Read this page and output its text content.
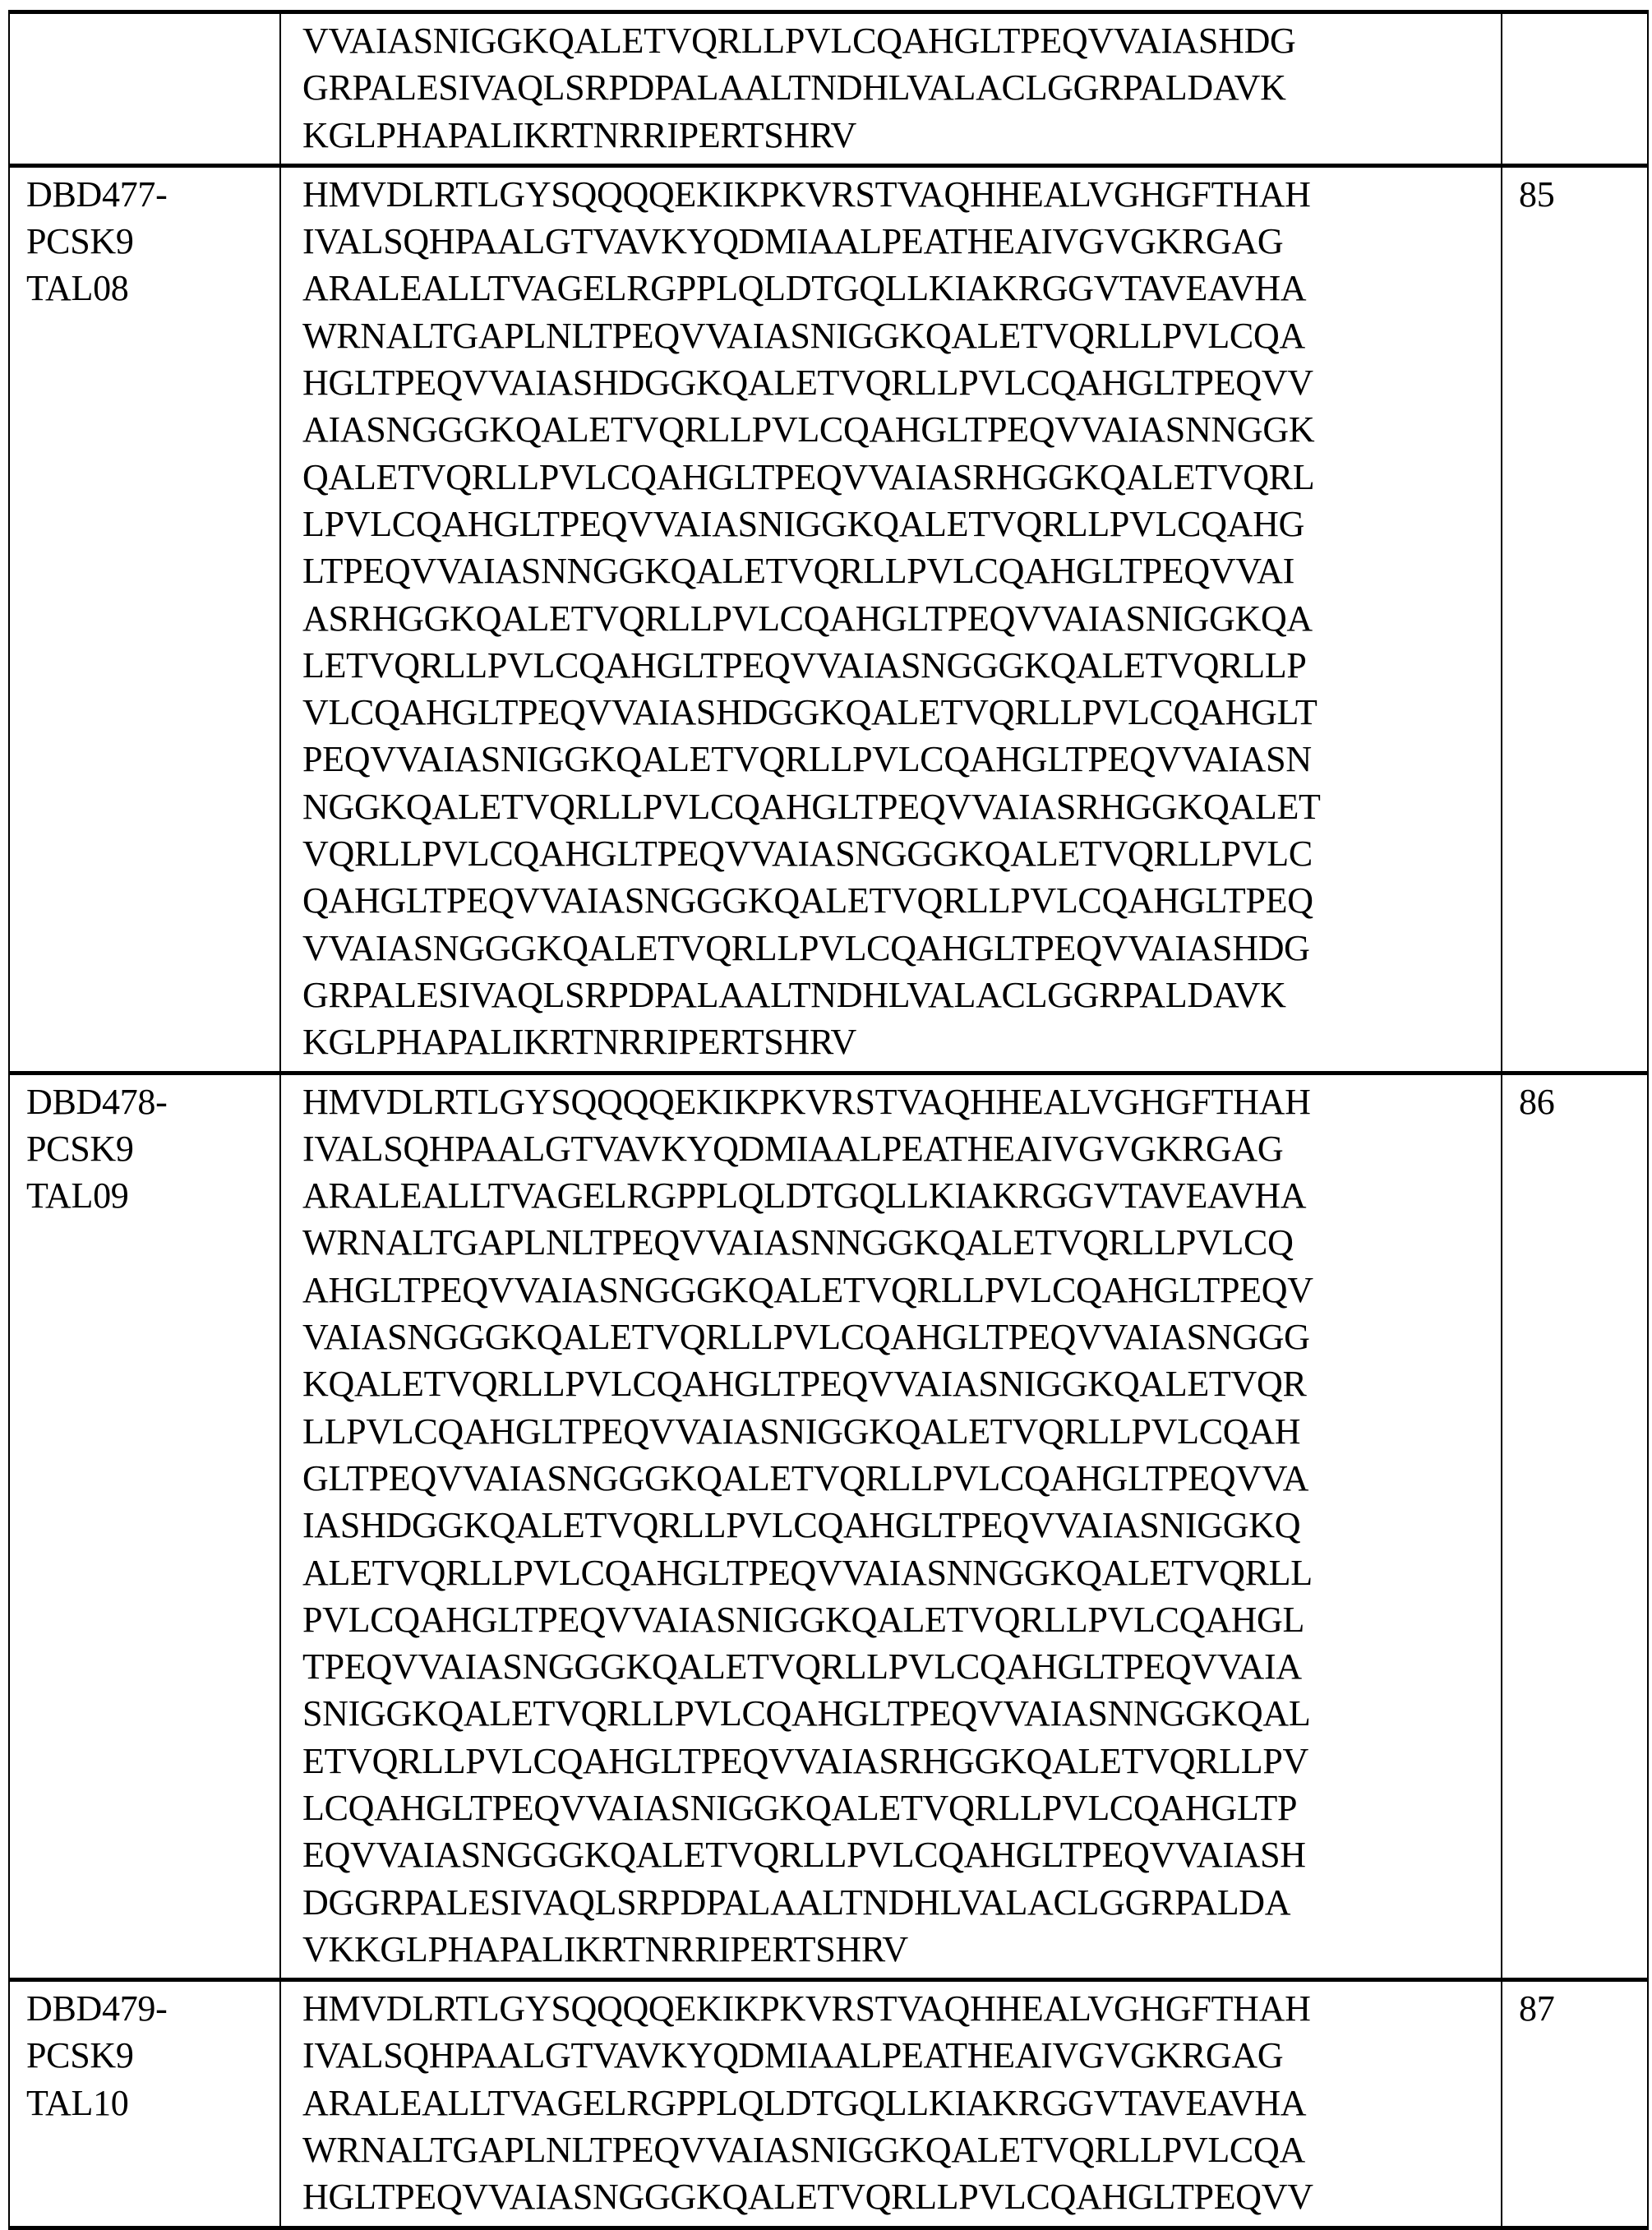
VVAIASNIGGKQALETVQRLLPVLCQAHGLTPEQVVAIASHDG
GRPALESIVAQLSRPDPALAALTNDHLVALACLGGRPALDAVK
KGLPHAPALIKRTNRRIPERTSHRV

DBD477-
PCSK9
TAL08

HMVDLRTLGYSQQQQEKIKPKVRSTVAQHHEALVGHGFTHAH
IVALSQHPAALGTVAVKYQDMIAALPEATHEAIVGVGKRGAG
ARALEALLTVAGELRGPPLQLDTGQLLKIAKRGGVTAVEAVHA
WRNALTGAPLNLTPEQVVAIASNIGGKQALETVQRLLPVLCQA
HGLTPEQVVAIASHDGGKQALETVQRLLPVLCQAHGLTPEQVV
AIASNGGGKQALETVQRLLPVLCQAHGLTPEQVVAIASNNGGK
QALETVQRLLPVLCQAHGLTPEQVVAIASRHGGKQALETVQRL
LPVLCQAHGLTPEQVVAIASNIGGKQALETVQRLLPVLCQAHG
LTPEQVVAIASNNGGKQALETVQRLLPVLCQAHGLTPEQVVAI
ASRHGGKQALETVQRLLPVLCQAHGLTPEQVVAIASNIGGKQA
LETVQRLLPVLCQAHGLTPEQVVAIASNGGGKQALETVQRLLP
VLCQAHGLTPEQVVAIASHDGGKQALETVQRLLPVLCQAHGLT
PEQVVAIASNIGGKQALETVQRLLPVLCQAHGLTPEQVVAIASN
NGGKQALETVQRLLPVLCQAHGLTPEQVVAIASRHGGKQALET
VQRLLPVLCQAHGLTPEQVVAIASNGGGKQALETVQRLLPVLC
QAHGLTPEQVVAIASNGGGKQALETVQRLLPVLCQAHGLTPEQ
VVAIASNGGGKQALETVQRLLPVLCQAHGLTPEQVVAIASHDG
GRPALESIVAQLSRPDPALAALTNDHLVALACLGGRPALDAVK
KGLPHAPALIKRTNRRIPERTSHRV

85

DBD478-
PCSK9
TAL09

HMVDLRTLGYSQQQQEKIKPKVRSTVAQHHEALVGHGFTHAH
IVALSQHPAALGTVAVKYQDMIAALPEATHEAIVGVGKRGAG
ARALEALLTVAGELRGPPLQLDTGQLLKIAKRGGVTAVEAVHA
WRNALTGAPLNLTPEQVVAIASNNGGKQALETVQRLLPVLCQ
AHGLTPEQVVAIASNGGGKQALETVQRLLPVLCQAHGLTPEQV
VAIASNGGGKQALETVQRLLPVLCQAHGLTPEQVVAIASNGGG
KQALETVQRLLPVLCQAHGLTPEQVVAIASNIGGKQALETVQR
LLPVLCQAHGLTPEQVVAIASNIGGKQALETVQRLLPVLCQAH
GLTPEQVVAIASNGGGKQALETVQRLLPVLCQAHGLTPEQVVA
IASHDGGKQALETVQRLLPVLCQAHGLTPEQVVAIASNIGGKQ
ALETVQRLLPVLCQAHGLTPEQVVAIASNNGGKQALETVQRLL
PVLCQAHGLTPEQVVAIASNIGGKQALETVQRLLPVLCQAHGL
TPEQVVAIASNGGGKQALETVQRLLPVLCQAHGLTPEQVVAIA
SNIGGKQALETVQRLLPVLCQAHGLTPEQVVAIASNNGGKQAL
ETVQRLLPVLCQAHGLTPEQVVAIASRHGGKQALETVQRLLPV
LCQAHGLTPEQVVAIASNIGGKQALETVQRLLPVLCQAHGLTP
EQVVAIASNGGGKQALETVQRLLPVLCQAHGLTPEQVVAIASH
DGGRPALESIVAQLSRPDPALAALTNDHLVALACLGGRPALDA
VKKGLPHAPALIKRTNRRIPERTSHRV

86

DBD479-
PCSK9
TAL10

HMVDLRTLGYSQQQQEKIKPKVRSTVAQHHEALVGHGFTHAH
IVALSQHPAALGTVAVKYQDMIAALPEATHEAIVGVGKRGAG
ARALEALLTVAGELRGPPLQLDTGQLLKIAKRGGVTAVEAVHA
WRNALTGAPLNLTPEQVVAIASNIGGKQALETVQRLLPVLCQA
HGLTPEQVVAIASNGGGKQALETVQRLLPVLCQAHGLTPEQVV

87
